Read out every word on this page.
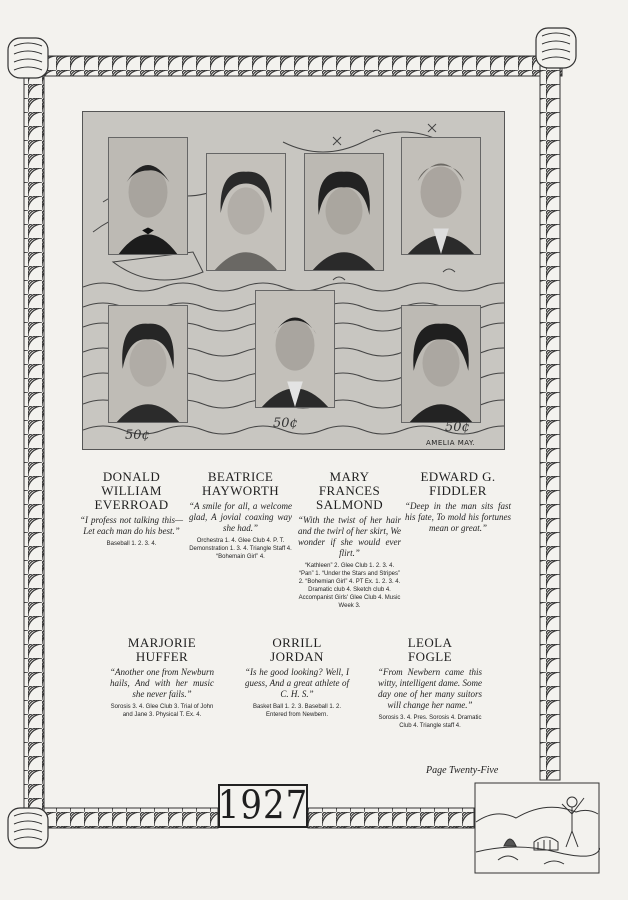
50¢
50¢	50¢
AMELIA MAY.
DONALD
WILLIAM
EVERROAD
“I profess not talking this— Let each man do his best.”
Baseball 1. 2. 3. 4.
BEATRICE
HAYWORTH
“A smile for all, a welcome glad, A jovial coaxing way she had.”
Orchestra 1. 4. Glee Club 4. P. T. Demonstration 1. 3. 4. Triangle Staff 4. “Bohemain Girl” 4.
MARY
FRANCES
SALMOND
“With the twist of her hair and the twirl of her skirt, We wonder if she would ever flirt.”
“Kathleen” 2. Glee Club 1. 2. 3. 4. “Pan” 1. “Under the Stars and Stripes” 2. “Bohemian Girl” 4. PT Ex. 1. 2. 3. 4. Dramatic club 4. Sketch club 4. Accompanist Girls' Glee Club 4. Music Week 3.
EDWARD G.
FIDDLER
“Deep in the man sits fast his fate, To mold his fortunes mean or great.”
MARJORIE
HUFFER
“Another one from Newburn hails, And with her music she never fails.”
Sorosis 3. 4. Glee Club 3. Trial of John and Jane 3. Physical T. Ex. 4.
ORRILL
JORDAN
“Is he good looking? Well, I guess, And a great athlete of C. H. S.”
Basket Ball 1. 2. 3. Baseball 1. 2. Entered from Newbern.
LEOLA
FOGLE
“From Newbern came this witty, intelligent dame. Some day one of her many suitors will change her name.”
Sorosis 3. 4. Pres. Sorosis 4. Dramatic Club 4. Triangle staff 4.
Page Twenty-Five
1927
